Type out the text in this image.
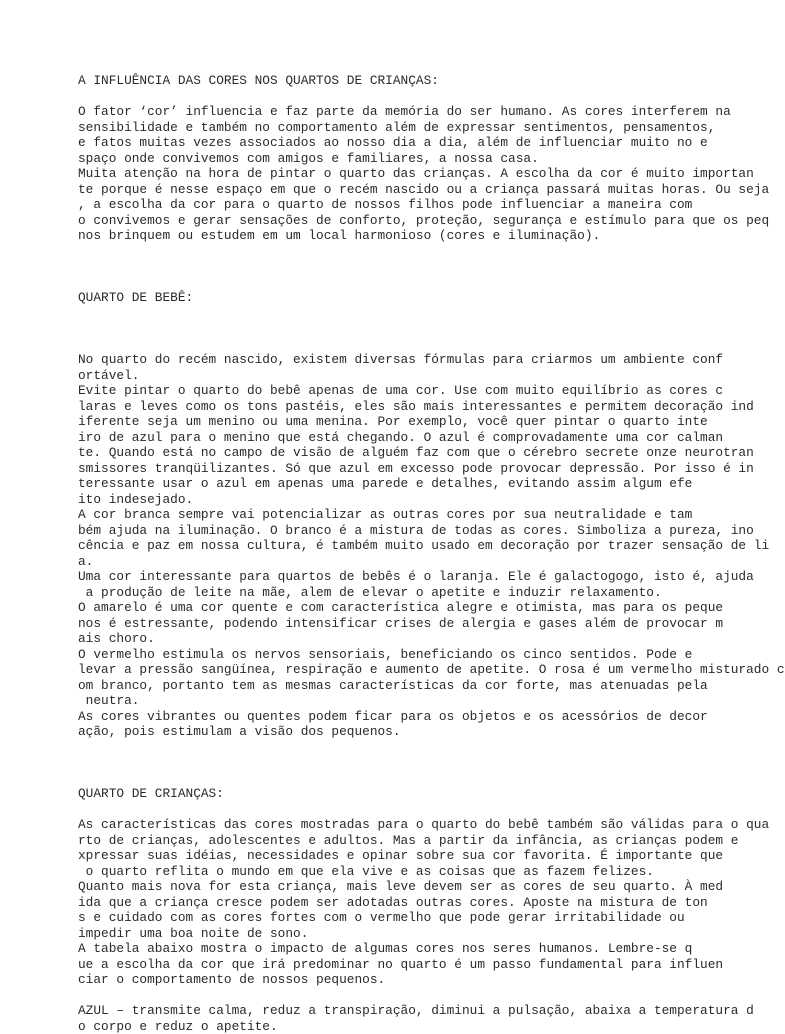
A INFLUÊNCIA DAS CORES NOS QUARTOS DE CRIANÇAS:
O fator ‘cor’ influencia e faz parte da memória do ser humano. As cores interferem na
sensibilidade e também no comportamento além de expressar sentimentos, pensamentos,
e fatos muitas vezes associados ao nosso dia a dia, além de influenciar muito no e
spaço onde convivemos com amigos e familiares, a nossa casa.
Muita atenção na hora de pintar o quarto das crianças. A escolha da cor é muito importan
te porque é nesse espaço em que o recém nascido ou a criança passará muitas horas. Ou seja
, a escolha da cor para o quarto de nossos filhos pode influenciar a maneira com
o convivemos e gerar sensações de conforto, proteção, segurança e estímulo para que os peq
nos brinquem ou estudem em um local harmonioso (cores e iluminação).
QUARTO DE BEBÊ:
No quarto do recém nascido, existem diversas fórmulas para criarmos um ambiente conf
ortável.
Evite pintar o quarto do bebê apenas de uma cor. Use com muito equilíbrio as cores c
laras e leves como os tons pastéis, eles são mais interessantes e permitem decoração ind
iferente seja um menino ou uma menina. Por exemplo, você quer pintar o quarto inte
iro de azul para o menino que está chegando. O azul é comprovadamente uma cor calman
te. Quando está no campo de visão de alguém faz com que o cérebro secrete onze neurotran
smissores tranqüilizantes. Só que azul em excesso pode provocar depressão. Por isso é in
teressante usar o azul em apenas uma parede e detalhes, evitando assim algum efe
ito indesejado.
A cor branca sempre vai potencializar as outras cores por sua neutralidade e tam
bém ajuda na iluminação. O branco é a mistura de todas as cores. Simboliza a pureza, ino
cência e paz em nossa cultura, é também muito usado em decoração por trazer sensação de li
a.
Uma cor interessante para quartos de bebês é o laranja. Ele é galactogogo, isto é, ajuda
a produção de leite na mãe, alem de elevar o apetite e induzir relaxamento.
O amarelo é uma cor quente e com característica alegre e otimista, mas para os peque
nos é estressante, podendo intensificar crises de alergia e gases além de provocar m
ais choro.
O vermelho estimula os nervos sensoriais, beneficiando os cinco sentidos. Pode e
levar a pressão sangüínea, respiração e aumento de apetite. O rosa é um vermelho misturado c
om branco, portanto tem as mesmas características da cor forte, mas atenuadas pela
neutra.
As cores vibrantes ou quentes podem ficar para os objetos e os acessórios de decor
ação, pois estimulam a visão dos pequenos.
QUARTO DE CRIANÇAS:
As características das cores mostradas para o quarto do bebê também são válidas para o qua
rto de crianças, adolescentes e adultos. Mas a partir da infância, as crianças podem e
xpressar suas idéias, necessidades e opinar sobre sua cor favorita. É importante que
o quarto reflita o mundo em que ela vive e as coisas que as fazem felizes.
Quanto mais nova for esta criança, mais leve devem ser as cores de seu quarto. À med
ida que a criança cresce podem ser adotadas outras cores. Aposte na mistura de ton
s e cuidado com as cores fortes com o vermelho que pode gerar irritabilidade ou
impedir uma boa noite de sono.
A tabela abaixo mostra o impacto de algumas cores nos seres humanos. Lembre-se q
ue a escolha da cor que irá predominar no quarto é um passo fundamental para influen
ciar o comportamento de nossos pequenos.
AZUL – transmite calma, reduz a transpiração, diminui a pulsação, abaixa a temperatura d
o corpo e reduz o apetite.
